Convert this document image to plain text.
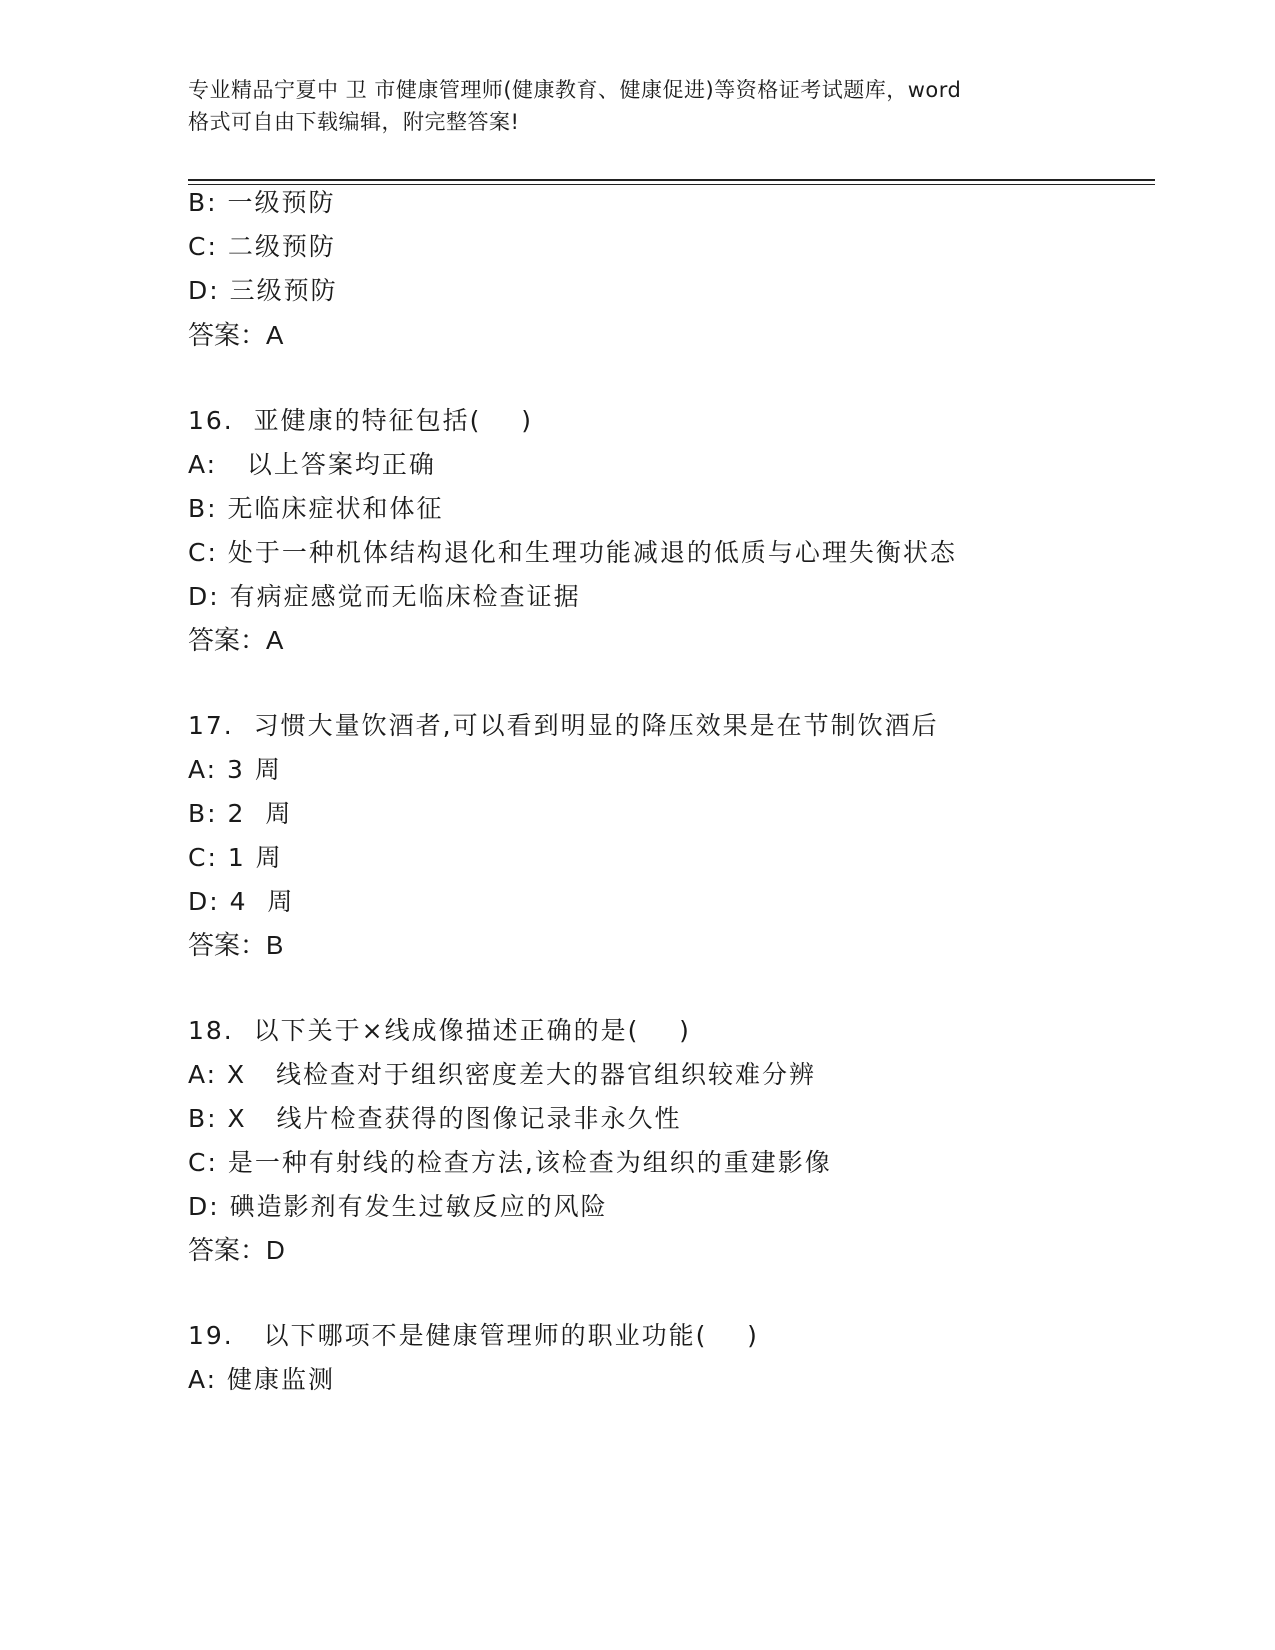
专业精品宁夏中 卫 市健康管理师(健康教育、健康促进)等资格证考试题库，word
格式可自由下载编辑，附完整答案!
B: 一级预防
C: 二级预防
D: 三级预防
答案：A
16.  亚健康的特征包括(    )
A:   以上答案均正确
B: 无临床症状和体征
C: 处于一种机体结构退化和生理功能减退的低质与心理失衡状态
D: 有病症感觉而无临床检查证据
答案：A
17.  习惯大量饮酒者,可以看到明显的降压效果是在节制饮酒后
A: 3 周
B: 2  周
C: 1 周
D: 4  周
答案：B
18.  以下关于×线成像描述正确的是(    )
A: X   线检查对于组织密度差大的器官组织较难分辨
B: X   线片检查获得的图像记录非永久性
C: 是一种有射线的检查方法,该检查为组织的重建影像
D: 碘造影剂有发生过敏反应的风险
答案：D
19.   以下哪项不是健康管理师的职业功能(    )
A: 健康监测
